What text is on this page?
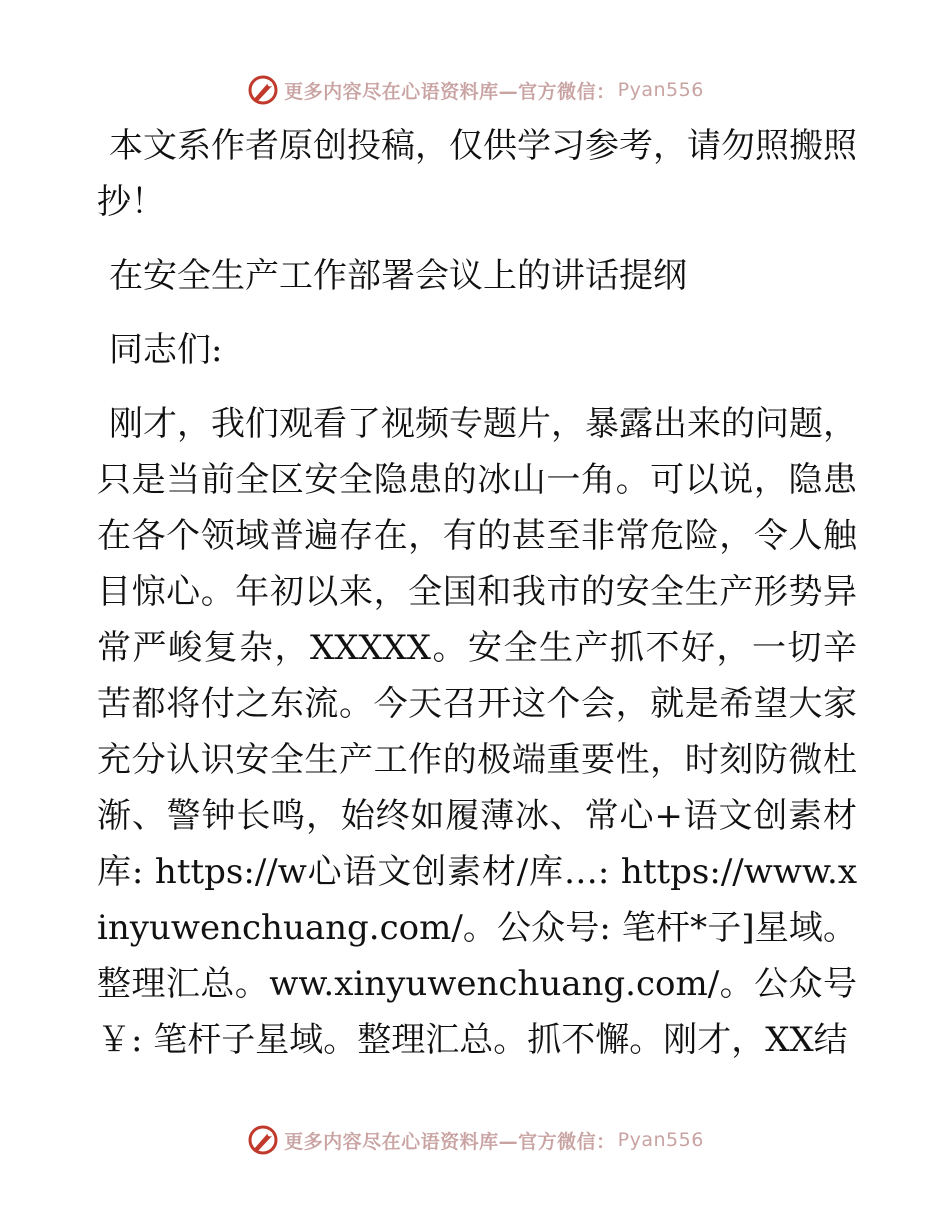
更多内容尽在心语资料库—官方微信： Pyan556

本文系作者原创投稿，仅供学习参考，请勿照搬照抄！

在安全生产工作部署会议上的讲话提纲

同志们:

刚才，我们观看了视频专题片，暴露出来的问题，只是当前全区安全隐患的冰山一角。可以说，隐患在各个领域普遍存在，有的甚至非常危险，令人触目惊心。年初以来，全国和我市的安全生产形势异常严峻复杂，XXXXX。安全生产抓不好，一切辛苦都将付之东流。今天召开这个会，就是希望大家充分认识安全生产工作的极端重要性，时刻防微杜渐、警钟长鸣，始终如履薄冰、常心+语文创素材库: https://w心语文创素材/库…: https://www.xinyuwenchuang.com/。公众号: 笔杆*子]星域。整理汇总。ww.xinyuwenchuang.com/。公众号￥: 笔杆子星域。整理汇总。抓不懈。刚才，XX结

更多内容尽在心语资料库—官方微信： Pyan556
